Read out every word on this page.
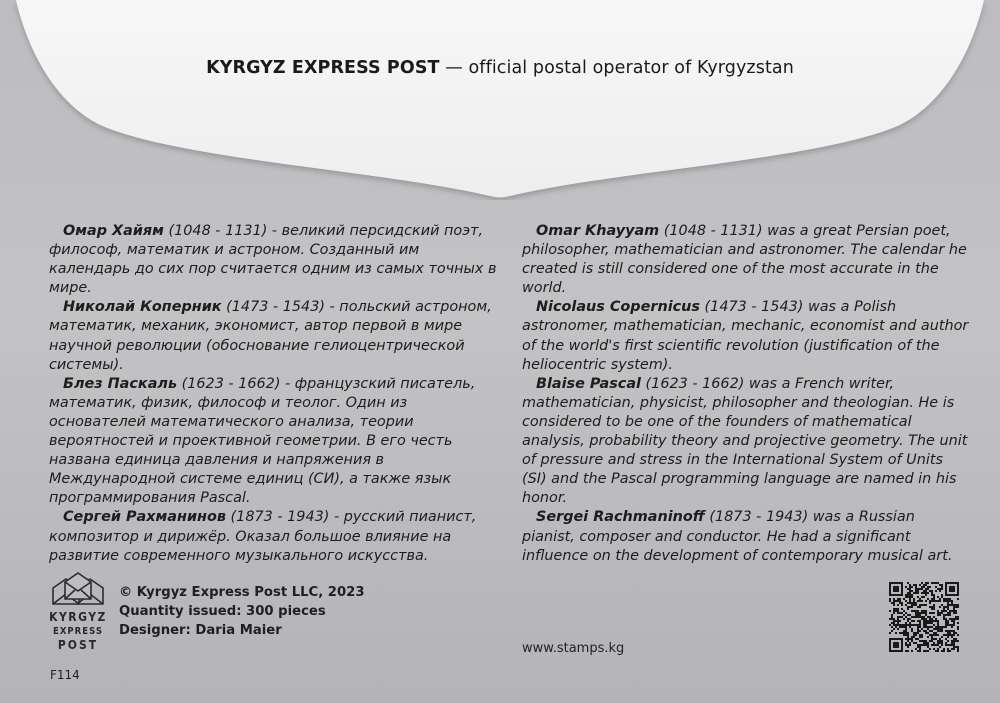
KYRGYZ EXPRESS POST — official postal operator of Kyrgyzstan

Омар Хайям (1048 - 1131) - великий персидский поэт, философ, математик и астроном. Созданный им календарь до сих пор считается одним из самых точных в мире.

Николай Коперник (1473 - 1543) - польский астроном, математик, механик, экономист, автор первой в мире научной революции (обоснование гелиоцентрической системы).

Блез Паскаль (1623 - 1662) - французский писатель, математик, физик, философ и теолог. Один из основателей математического анализа, теории вероятностей и проективной геометрии. В его честь названа единица давления и напряжения в Международной системе единиц (СИ), а также язык программирования Pascal.

Сергей Рахманинов (1873 - 1943) - русский пианист, композитор и дирижёр. Оказал большое влияние на развитие современного музыкального искусства.

Omar Khayyam (1048 - 1131) was a great Persian poet, philosopher, mathematician and astronomer. The calendar he created is still considered one of the most accurate in the world.

Nicolaus Copernicus (1473 - 1543) was a Polish astronomer, mathematician, mechanic, economist and author of the world's first scientific revolution (justification of the heliocentric system).

Blaise Pascal (1623 - 1662) was a French writer, mathematician, physicist, philosopher and theologian. He is considered to be one of the founders of mathematical analysis, probability theory and projective geometry. The unit of pressure and stress in the International System of Units (SI) and the Pascal programming language are named in his honor.

Sergei Rachmaninoff (1873 - 1943) was a Russian pianist, composer and conductor. He had a significant influence on the development of contemporary musical art.

KYRGYZ
EXPRESS
POST
© Kyrgyz Express Post LLC, 2023
Quantity issued: 300 pieces
Designer: Daria Maier
F114
www.stamps.kg
